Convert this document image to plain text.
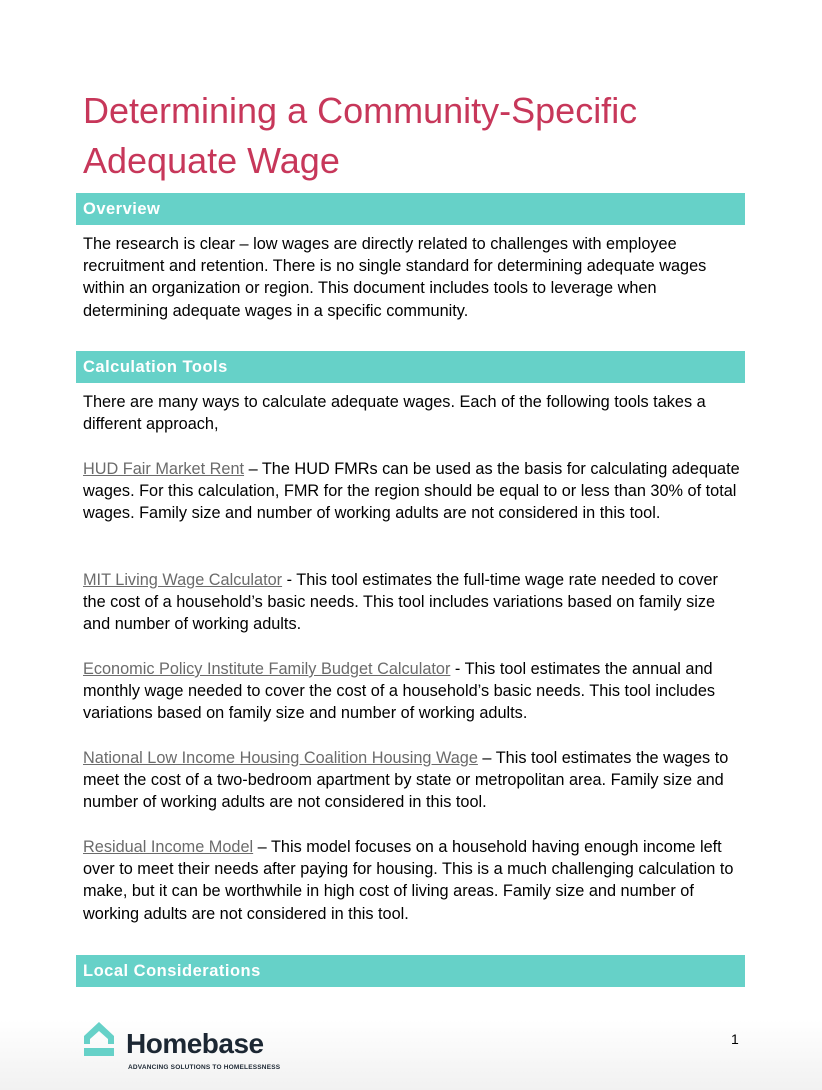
Determining a Community-Specific Adequate Wage
Overview

The research is clear – low wages are directly related to challenges with employee recruitment and retention. There is no single standard for determining adequate wages within an organization or region. This document includes tools to leverage when determining adequate wages in a specific community.

Calculation Tools

There are many ways to calculate adequate wages. Each of the following tools takes a different approach,

HUD Fair Market Rent – The HUD FMRs can be used as the basis for calculating adequate wages. For this calculation, FMR for the region should be equal to or less than 30% of total wages. Family size and number of working adults are not considered in this tool.

MIT Living Wage Calculator - This tool estimates the full-time wage rate needed to cover the cost of a household’s basic needs. This tool includes variations based on family size and number of working adults.

Economic Policy Institute Family Budget Calculator - This tool estimates the annual and monthly wage needed to cover the cost of a household’s basic needs. This tool includes variations based on family size and number of working adults.

National Low Income Housing Coalition Housing Wage – This tool estimates the wages to meet the cost of a two-bedroom apartment by state or metropolitan area. Family size and number of working adults are not considered in this tool.

Residual Income Model – This model focuses on a household having enough income left over to meet their needs after paying for housing. This is a much challenging calculation to make, but it can be worthwhile in high cost of living areas. Family size and number of working adults are not considered in this tool.

Local Considerations
Homebase
ADVANCING SOLUTIONS TO HOMELESSNESS
1
